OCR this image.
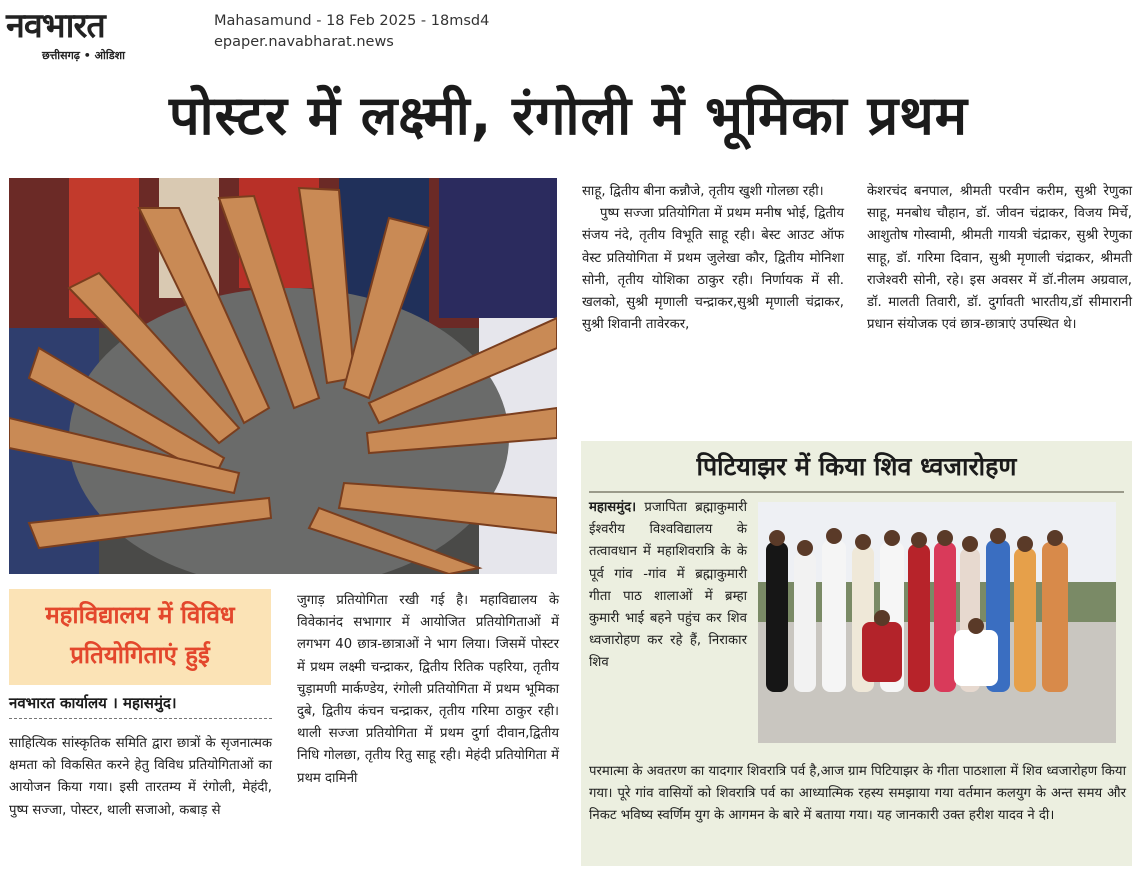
नवभारत
छत्तीसगढ़ • ओडिशा
Mahasamund - 18 Feb 2025 - 18msd4
epaper.navabharat.news
पोस्टर में लक्ष्मी, रंगोली में भूमिका प्रथम

साहू, द्वितीय बीना कन्नौजे, तृतीय खुशी गोलछा रही।

पुष्प सज्जा प्रतियोगिता में प्रथम मनीष भोई, द्वितीय संजय नंदे, तृतीय विभूति साहू रही। बेस्ट आउट ऑफ वेस्ट प्रतियोगिता में प्रथम जुलेखा कौर, द्वितीय मोनिशा सोनी, तृतीय योशिका ठाकुर रही। निर्णायक में सी. खलको, सुश्री मृणाली चन्द्राकर,सुश्री मृणाली चंद्राकर, सुश्री शिवानी तावेरकर,

केशरचंद बनपाल, श्रीमती परवीन करीम, सुश्री रेणुका साहू, मनबोध चौहान, डॉ. जीवन चंद्राकर, विजय मिर्चे, आशुतोष गोस्वामी, श्रीमती गायत्री चंद्राकर, सुश्री रेणुका साहू, डॉ. गरिमा दिवान, सुश्री मृणाली चंद्राकर, श्रीमती राजेश्वरी सोनी, रहे। इस अवसर में डॉ.नीलम अग्रवाल, डॉ. मालती तिवारी, डॉ. दुर्गावती भारतीय,डॉ सीमारानी प्रधान संयोजक एवं छात्र-छात्राएं उपस्थित थे।

महाविद्यालय में विविध प्रतियोगिताएं हुई
नवभारत कार्यालय । महासमुंद।

साहित्यिक सांस्कृतिक समिति द्वारा छात्रों के सृजनात्मक क्षमता को विकसित करने हेतु विविध प्रतियोगिताओं का आयोजन किया गया। इसी तारतम्य में रंगोली, मेहंदी, पुष्प सज्जा, पोस्टर, थाली सजाओ, कबाड़ से

जुगाड़ प्रतियोगिता रखी गई है। महाविद्यालय के विवेकानंद सभागार में आयोजित प्रतियोगिताओं में लगभग 40 छात्र-छात्राओं ने भाग लिया। जिसमें पोस्टर में प्रथम लक्ष्मी चन्द्राकर, द्वितीय रितिक पहरिया, तृतीय चुड़ामणी मार्कण्डेय, रंगोली प्रतियोगिता में प्रथम भूमिका दुबे, द्वितीय कंचन चन्द्राकर, तृतीय गरिमा ठाकुर रही। थाली सज्जा प्रतियोगिता में प्रथम दुर्गा दीवान,द्वितीय निधि गोलछा, तृतीय रितु साहू रही। मेहंदी प्रतियोगिता में प्रथम दामिनी

पिटियाझर में किया शिव ध्वजारोहण
महासमुंद। प्रजापिता ब्रह्माकुमारी ईश्वरीय विश्वविद्यालय के तत्वावधान में महाशिवरात्रि के के पूर्व गांव -गांव में ब्रह्माकुमारी गीता पाठ शालाओं में ब्रम्हा कुमारी भाई बहने पहुंच कर शिव ध्वजारोहण कर रहे हैं, निराकार शिव
परमात्मा के अवतरण का यादगार शिवरात्रि पर्व है,आज ग्राम पिटियाझर के गीता पाठशाला में शिव ध्वजारोहण किया गया। पूरे गांव वासियों को शिवरात्रि पर्व का आध्यात्मिक रहस्य समझाया गया वर्तमान कलयुग के अन्त समय और निकट भविष्य स्वर्णिम युग के आगमन के बारे में बताया गया। यह जानकारी उक्त हरीश यादव ने दी।
